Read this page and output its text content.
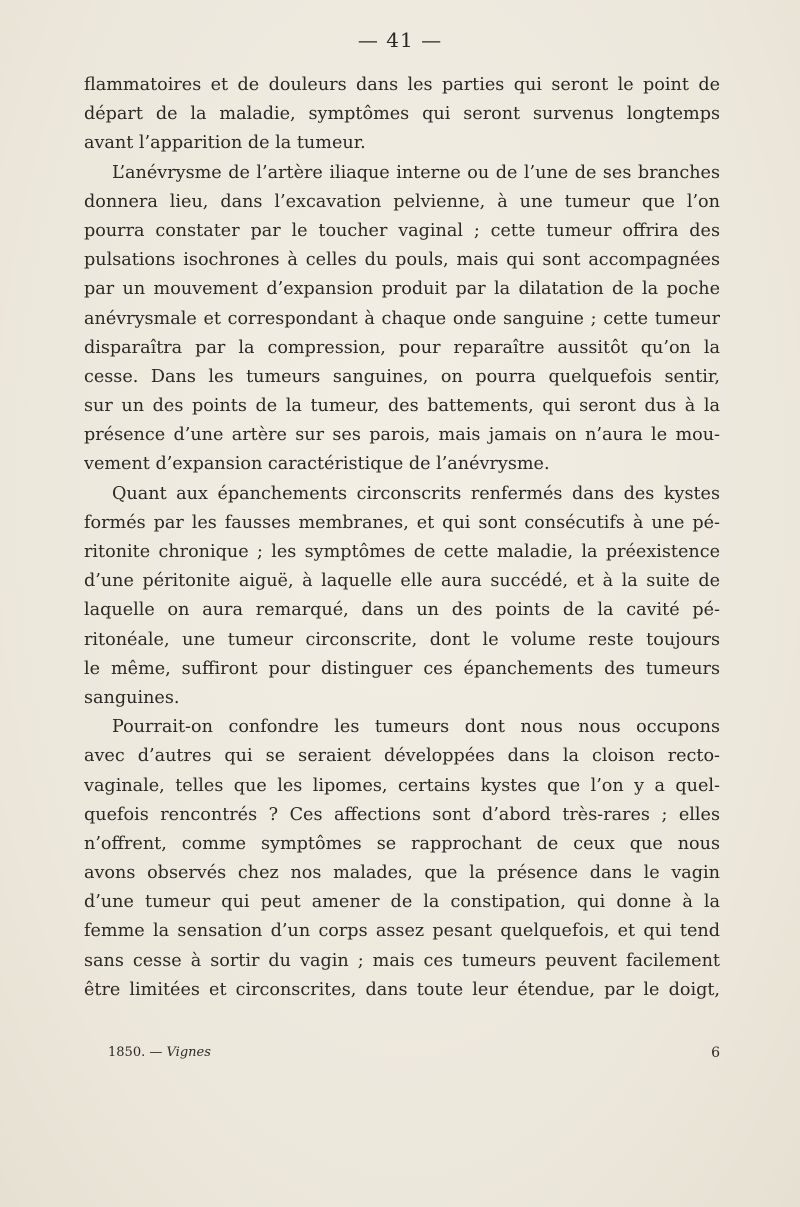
— 41 —
flammatoires et de douleurs dans les parties qui seront le point de
départ de la maladie, symptômes qui seront survenus longtemps
avant l’apparition de la tumeur.
L’anévrysme de l’artère iliaque interne ou de l’une de ses branches
donnera lieu, dans l’excavation pelvienne, à une tumeur que l’on
pourra constater par le toucher vaginal ; cette tumeur offrira des
pulsations isochrones à celles du pouls, mais qui sont accompagnées
par un mouvement d’expansion produit par la dilatation de la poche
anévrysmale et correspondant à chaque onde sanguine ; cette tumeur
disparaîtra par la compression, pour reparaître aussitôt qu’on la
cesse. Dans les tumeurs sanguines, on pourra quelquefois sentir,
sur un des points de la tumeur, des battements, qui seront dus à la
présence d’une artère sur ses parois, mais jamais on n’aura le mou-
vement d’expansion caractéristique de l’anévrysme.
Quant aux épanchements circonscrits renfermés dans des kystes
formés par les fausses membranes, et qui sont consécutifs à une pé-
ritonite chronique ; les symptômes de cette maladie, la préexistence
d’une péritonite aiguë, à laquelle elle aura succédé, et à la suite de
laquelle on aura remarqué, dans un des points de la cavité pé-
ritonéale, une tumeur circonscrite, dont le volume reste toujours
le même, suffiront pour distinguer ces épanchements des tumeurs
sanguines.
Pourrait-on confondre les tumeurs dont nous nous occupons
avec d’autres qui se seraient développées dans la cloison recto-
vaginale, telles que les lipomes, certains kystes que l’on y a quel-
quefois rencontrés ? Ces affections sont d’abord très-rares ; elles
n’offrent, comme symptômes se rapprochant de ceux que nous
avons observés chez nos malades, que la présence dans le vagin
d’une tumeur qui peut amener de la constipation, qui donne à la
femme la sensation d’un corps assez pesant quelquefois, et qui tend
sans cesse à sortir du vagin ; mais ces tumeurs peuvent facilement
être limitées et circonscrites, dans toute leur étendue, par le doigt,
1850. — Vignes	6
